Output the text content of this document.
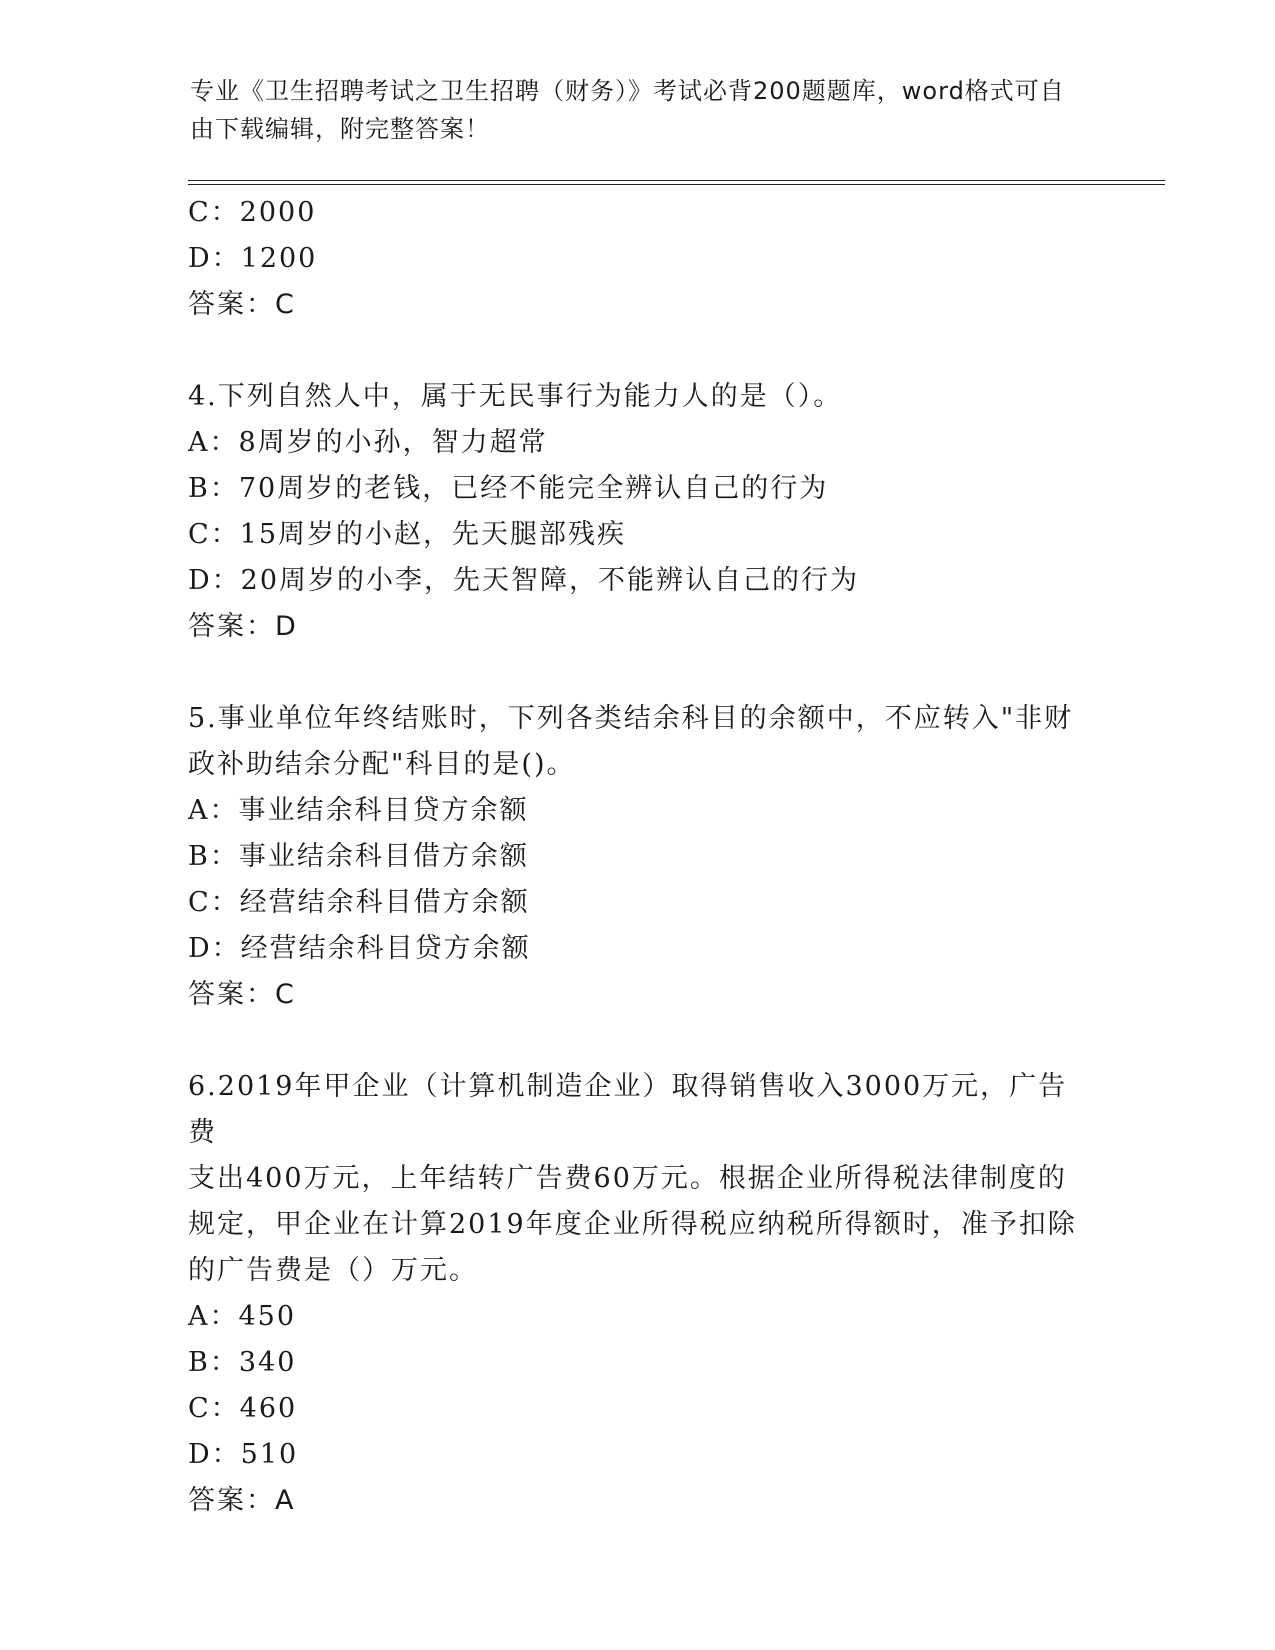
专业《卫生招聘考试之卫生招聘（财务）》考试必背200题题库，word格式可自
由下载编辑，附完整答案！
C：2000
D：1200
答案：C
4.下列自然人中，属于无民事行为能力人的是（）。
A：8周岁的小孙，智力超常
B：70周岁的老钱，已经不能完全辨认自己的行为
C：15周岁的小赵，先天腿部残疾
D：20周岁的小李，先天智障，不能辨认自己的行为
答案：D
5.事业单位年终结账时，下列各类结余科目的余额中，不应转入"非财
政补助结余分配"科目的是()。
A：事业结余科目贷方余额
B：事业结余科目借方余额
C：经营结余科目借方余额
D：经营结余科目贷方余额
答案：C
6.2019年甲企业（计算机制造企业）取得销售收入3000万元，广告费
支出400万元，上年结转广告费60万元。根据企业所得税法律制度的
规定，甲企业在计算2019年度企业所得税应纳税所得额时，准予扣除
的广告费是（）万元。
A：450
B：340
C：460
D：510
答案：A
